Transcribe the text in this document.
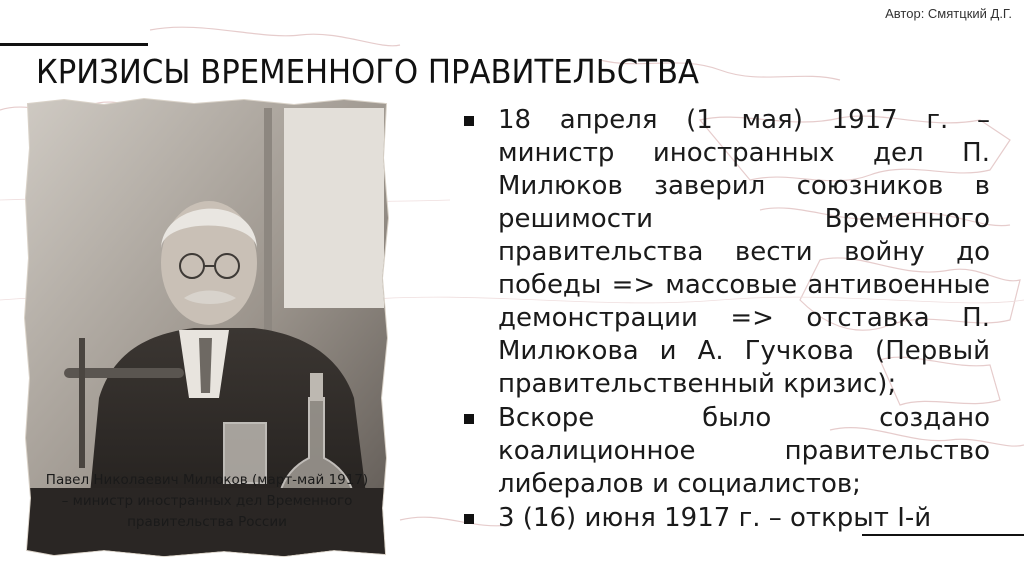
Автор: Смятцкий Д.Г.
КРИЗИСЫ ВРЕМЕННОГО ПРАВИТЕЛЬСТВА
Павел Николаевич Милюков (март-май 1917)
– министр иностранных дел Временного
правительства России
18 апреля (1 мая) 1917 г. – министр иностранных дел П. Милюков заверил союзников в решимости Временного правительства вести войну до победы => массовые антивоенные демонстрации => отставка П. Милюкова и А. Гучкова (Первый правительственный кризис);
Вскоре было создано коалиционное правительство либералов и социалистов;
3 (16) июня 1917 г. – открыт I-й
